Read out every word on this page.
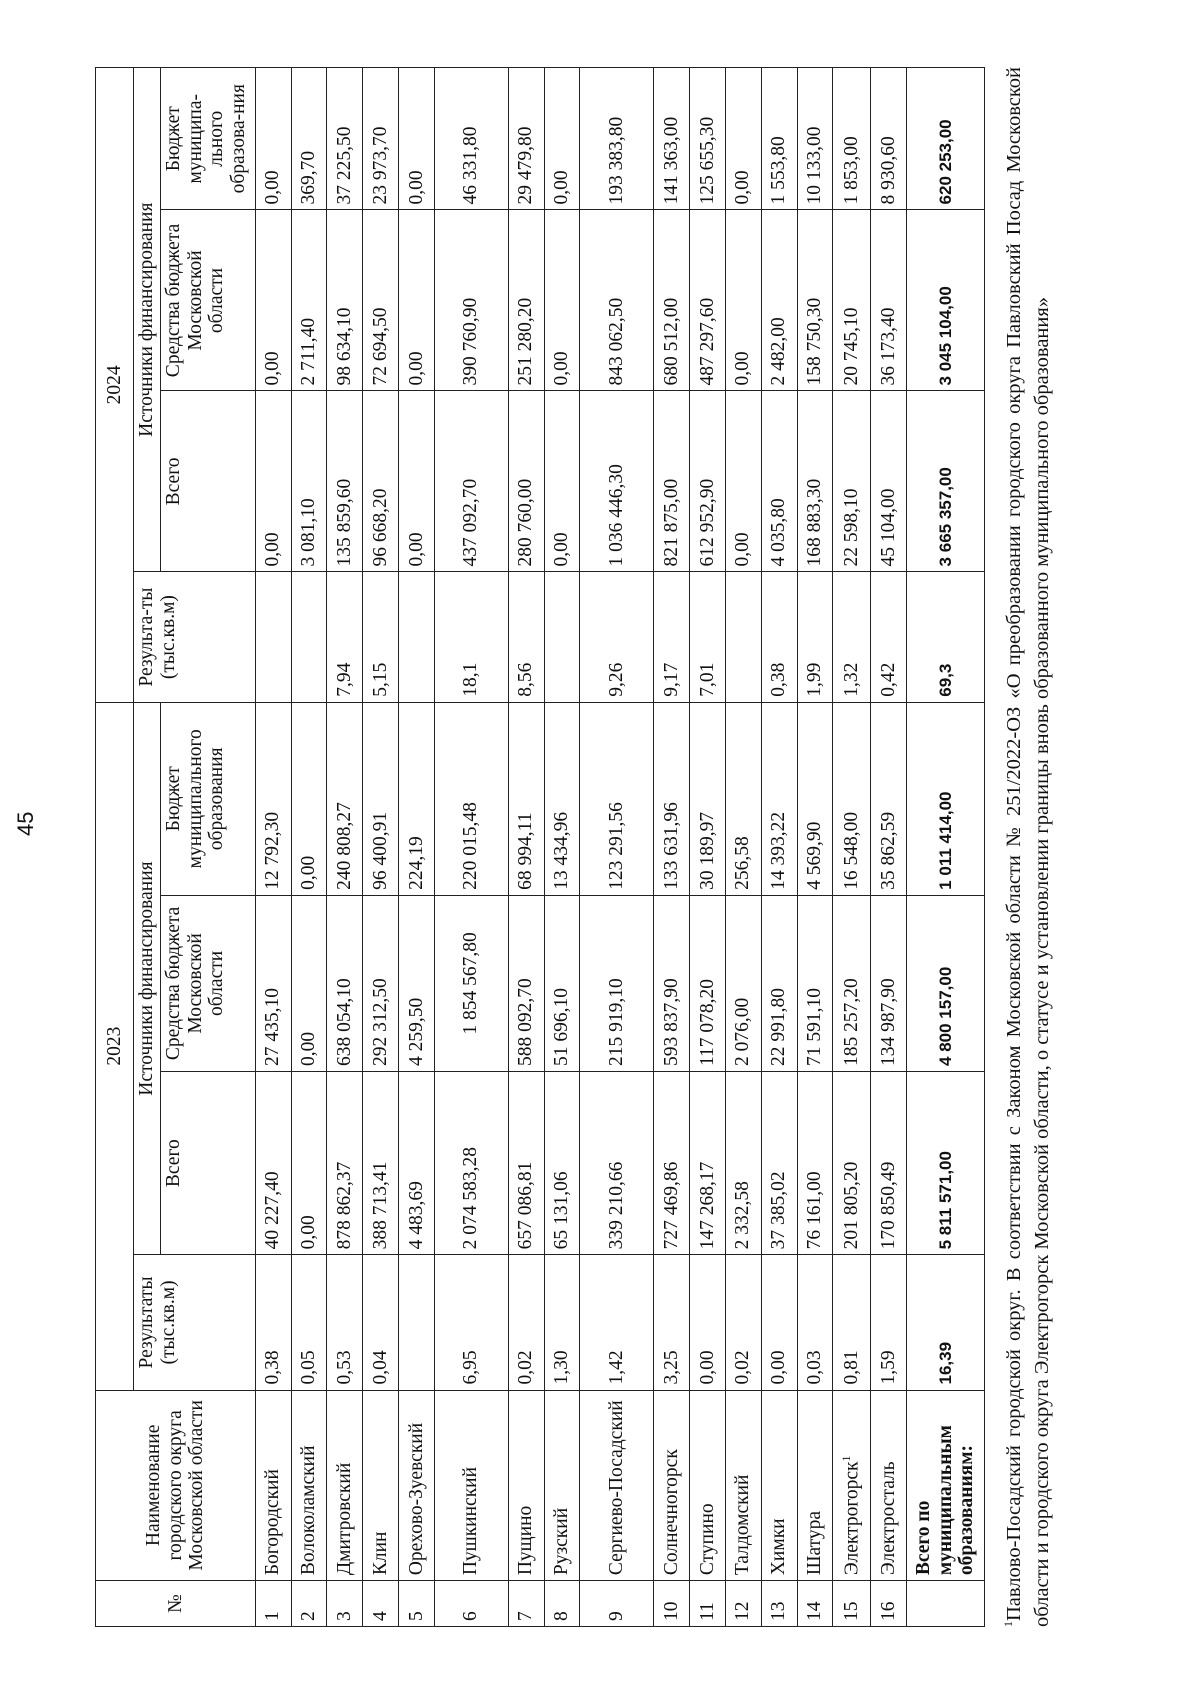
45
№	Наименование городского округа Московской области	2023				2024			
		Результаты (тыс.кв.м)	Источники финансирования			Результа-ты (тыс.кв.м)	Источники финансирования		
			Всего	Средства бюджета Московской области	Бюджет муниципального образования		Всего	Средства бюджета Московской области	Бюджет муниципа-льного образова-ния
1	Богородский	0,38	40 227,40	27 435,10	12 792,30		0,00	0,00	0,00
2	Волоколамский	0,05	0,00	0,00	0,00		3 081,10	2 711,40	369,70
3	Дмитровский	0,53	878 862,37	638 054,10	240 808,27	7,94	135 859,60	98 634,10	37 225,50
4	Клин	0,04	388 713,41	292 312,50	96 400,91	5,15	96 668,20	72 694,50	23 973,70
5	Орехово-Зуевский		4 483,69	4 259,50	224,19		0,00	0,00	0,00
6	Пушкинский	6,95	2 074 583,28	1 854 567,80	220 015,48	18,1	437 092,70	390 760,90	46 331,80
7	Пущино	0,02	657 086,81	588 092,70	68 994,11	8,56	280 760,00	251 280,20	29 479,80
8	Рузский	1,30	65 131,06	51 696,10	13 434,96		0,00	0,00	0,00
9	Сергиево-Посадский	1,42	339 210,66	215 919,10	123 291,56	9,26	1 036 446,30	843 062,50	193 383,80
10	Солнечногорск	3,25	727 469,86	593 837,90	133 631,96	9,17	821 875,00	680 512,00	141 363,00
11	Ступино	0,00	147 268,17	117 078,20	30 189,97	7,01	612 952,90	487 297,60	125 655,30
12	Талдомский	0,02	2 332,58	2 076,00	256,58		0,00	0,00	0,00
13	Химки	0,00	37 385,02	22 991,80	14 393,22	0,38	4 035,80	2 482,00	1 553,80
14	Шатура	0,03	76 161,00	71 591,10	4 569,90	1,99	168 883,30	158 750,30	10 133,00
15	Электрогорск$^1$	0,81	201 805,20	185 257,20	16 548,00	1,32	22 598,10	20 745,10	1 853,00
16	Электросталь	1,59	170 850,49	134 987,90	35 862,59	0,42	45 104,00	36 173,40	8 930,60
	Всего по муниципальным образованиям:	16,39	5 811 571,00	4 800 157,00	1 011 414,00	69,3	3 665 357,00	3 045 104,00	620 253,00
$^1$Павлово-Посадский городской округ. В соответствии с Законом Московской области № 251/2022-ОЗ «О преобразовании городского округа Павловский Посад Московской области и городского округа Электрогорск Московской области, о статусе и установлении границы вновь образованного муниципального образования»
